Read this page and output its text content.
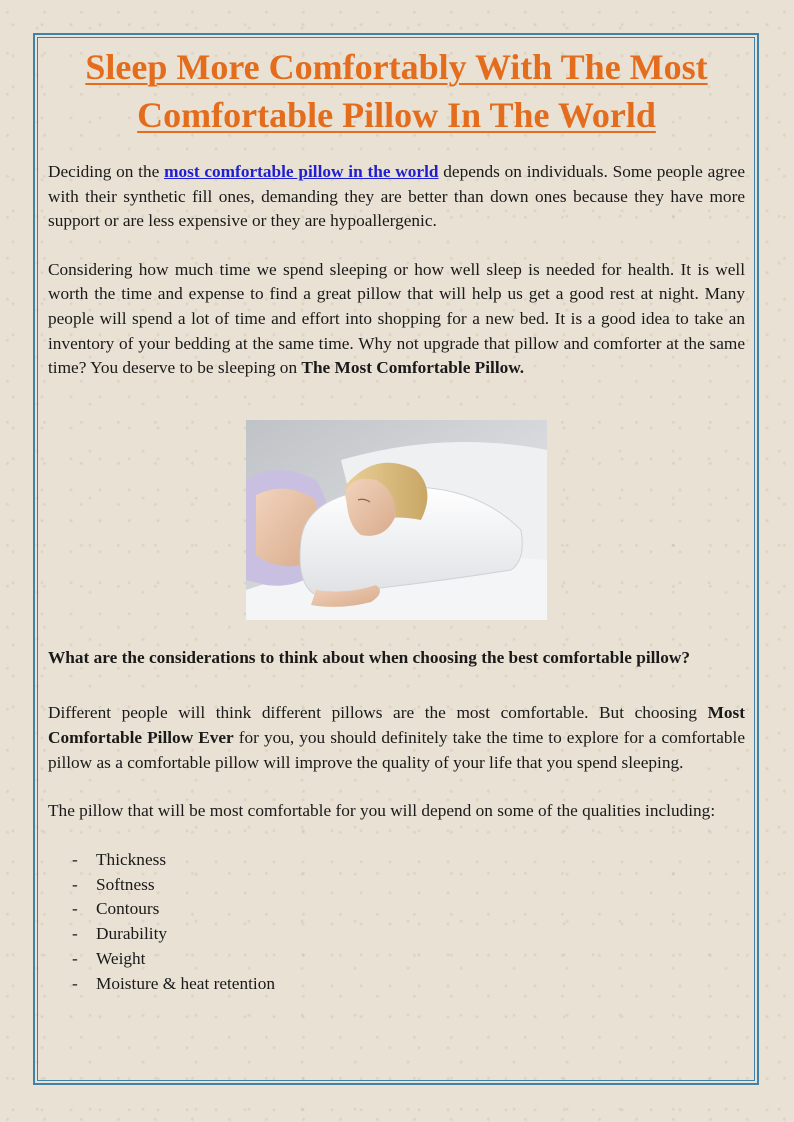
Sleep More Comfortably With The Most Comfortable Pillow In The World

Deciding on the most comfortable pillow in the world depends on individuals. Some people agree with their synthetic fill ones, demanding they are better than down ones because they have more support or are less expensive or they are hypoallergenic.

Considering how much time we spend sleeping or how well sleep is needed for health. It is well worth the time and expense to find a great pillow that will help us get a good rest at night. Many people will spend a lot of time and effort into shopping for a new bed. It is a good idea to take an inventory of your bedding at the same time. Why not upgrade that pillow and comforter at the same time? You deserve to be sleeping on The Most Comfortable Pillow.

What are the considerations to think about when choosing the best comfortable pillow?

Different people will think different pillows are the most comfortable. But choosing Most Comfortable Pillow Ever for you, you should definitely take the time to explore for a comfortable pillow as a comfortable pillow will improve the quality of your life that you spend sleeping.

The pillow that will be most comfortable for you will depend on some of the qualities including:

- Thickness
- Softness
- Contours
- Durability
- Weight
- Moisture & heat retention
